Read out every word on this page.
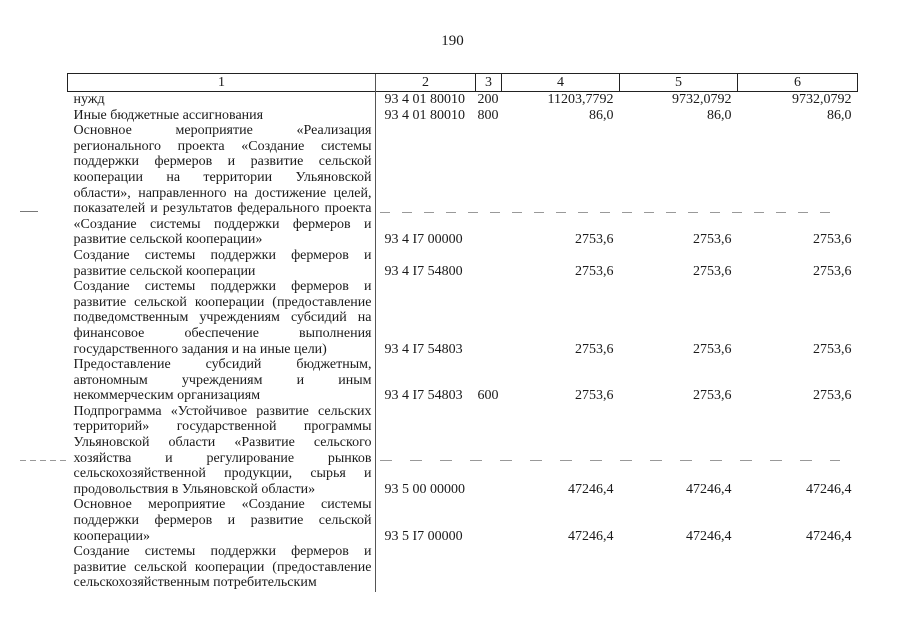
190
1	2	3	4	5	6
нужд	93 4 01 80010	200	11203,7792	9732,0792	9732,0792
Иные бюджетные ассигнования	93 4 01 80010	800	86,0	86,0	86,0
Основное мероприятие «Реализация регионального проекта «Создание системы поддержки фермеров и развитие сельской кооперации на территории Ульяновской области», направленного на достижение целей, показателей и результатов федерального проекта «Создание системы поддержки фермеров и развитие сельской кооперации»	93 4 I7 00000		2753,6	2753,6	2753,6
Создание системы поддержки фермеров и развитие сельской кооперации	93 4 I7 54800		2753,6	2753,6	2753,6
Создание системы поддержки фермеров и развитие сельской кооперации (предоставление подведомственным учреждениям субсидий на финансовое обеспечение выполнения государственного задания и на иные цели)	93 4 I7 54803		2753,6	2753,6	2753,6
Предоставление субсидий бюджетным, автономным учреждениям и иным некоммерческим организациям	93 4 I7 54803	600	2753,6	2753,6	2753,6
Подпрограмма «Устойчивое развитие сельских территорий» государственной программы Ульяновской области «Развитие сельского хозяйства и регулирование рынков сельскохозяйственной продукции, сырья и продовольствия в Ульяновской области»	93 5 00 00000		47246,4	47246,4	47246,4
Основное мероприятие «Создание системы поддержки фермеров и развитие сельской кооперации»	93 5 I7 00000		47246,4	47246,4	47246,4
Создание системы поддержки фермеров и развитие сельской кооперации (предоставление сельскохозяйственным потребительским					
